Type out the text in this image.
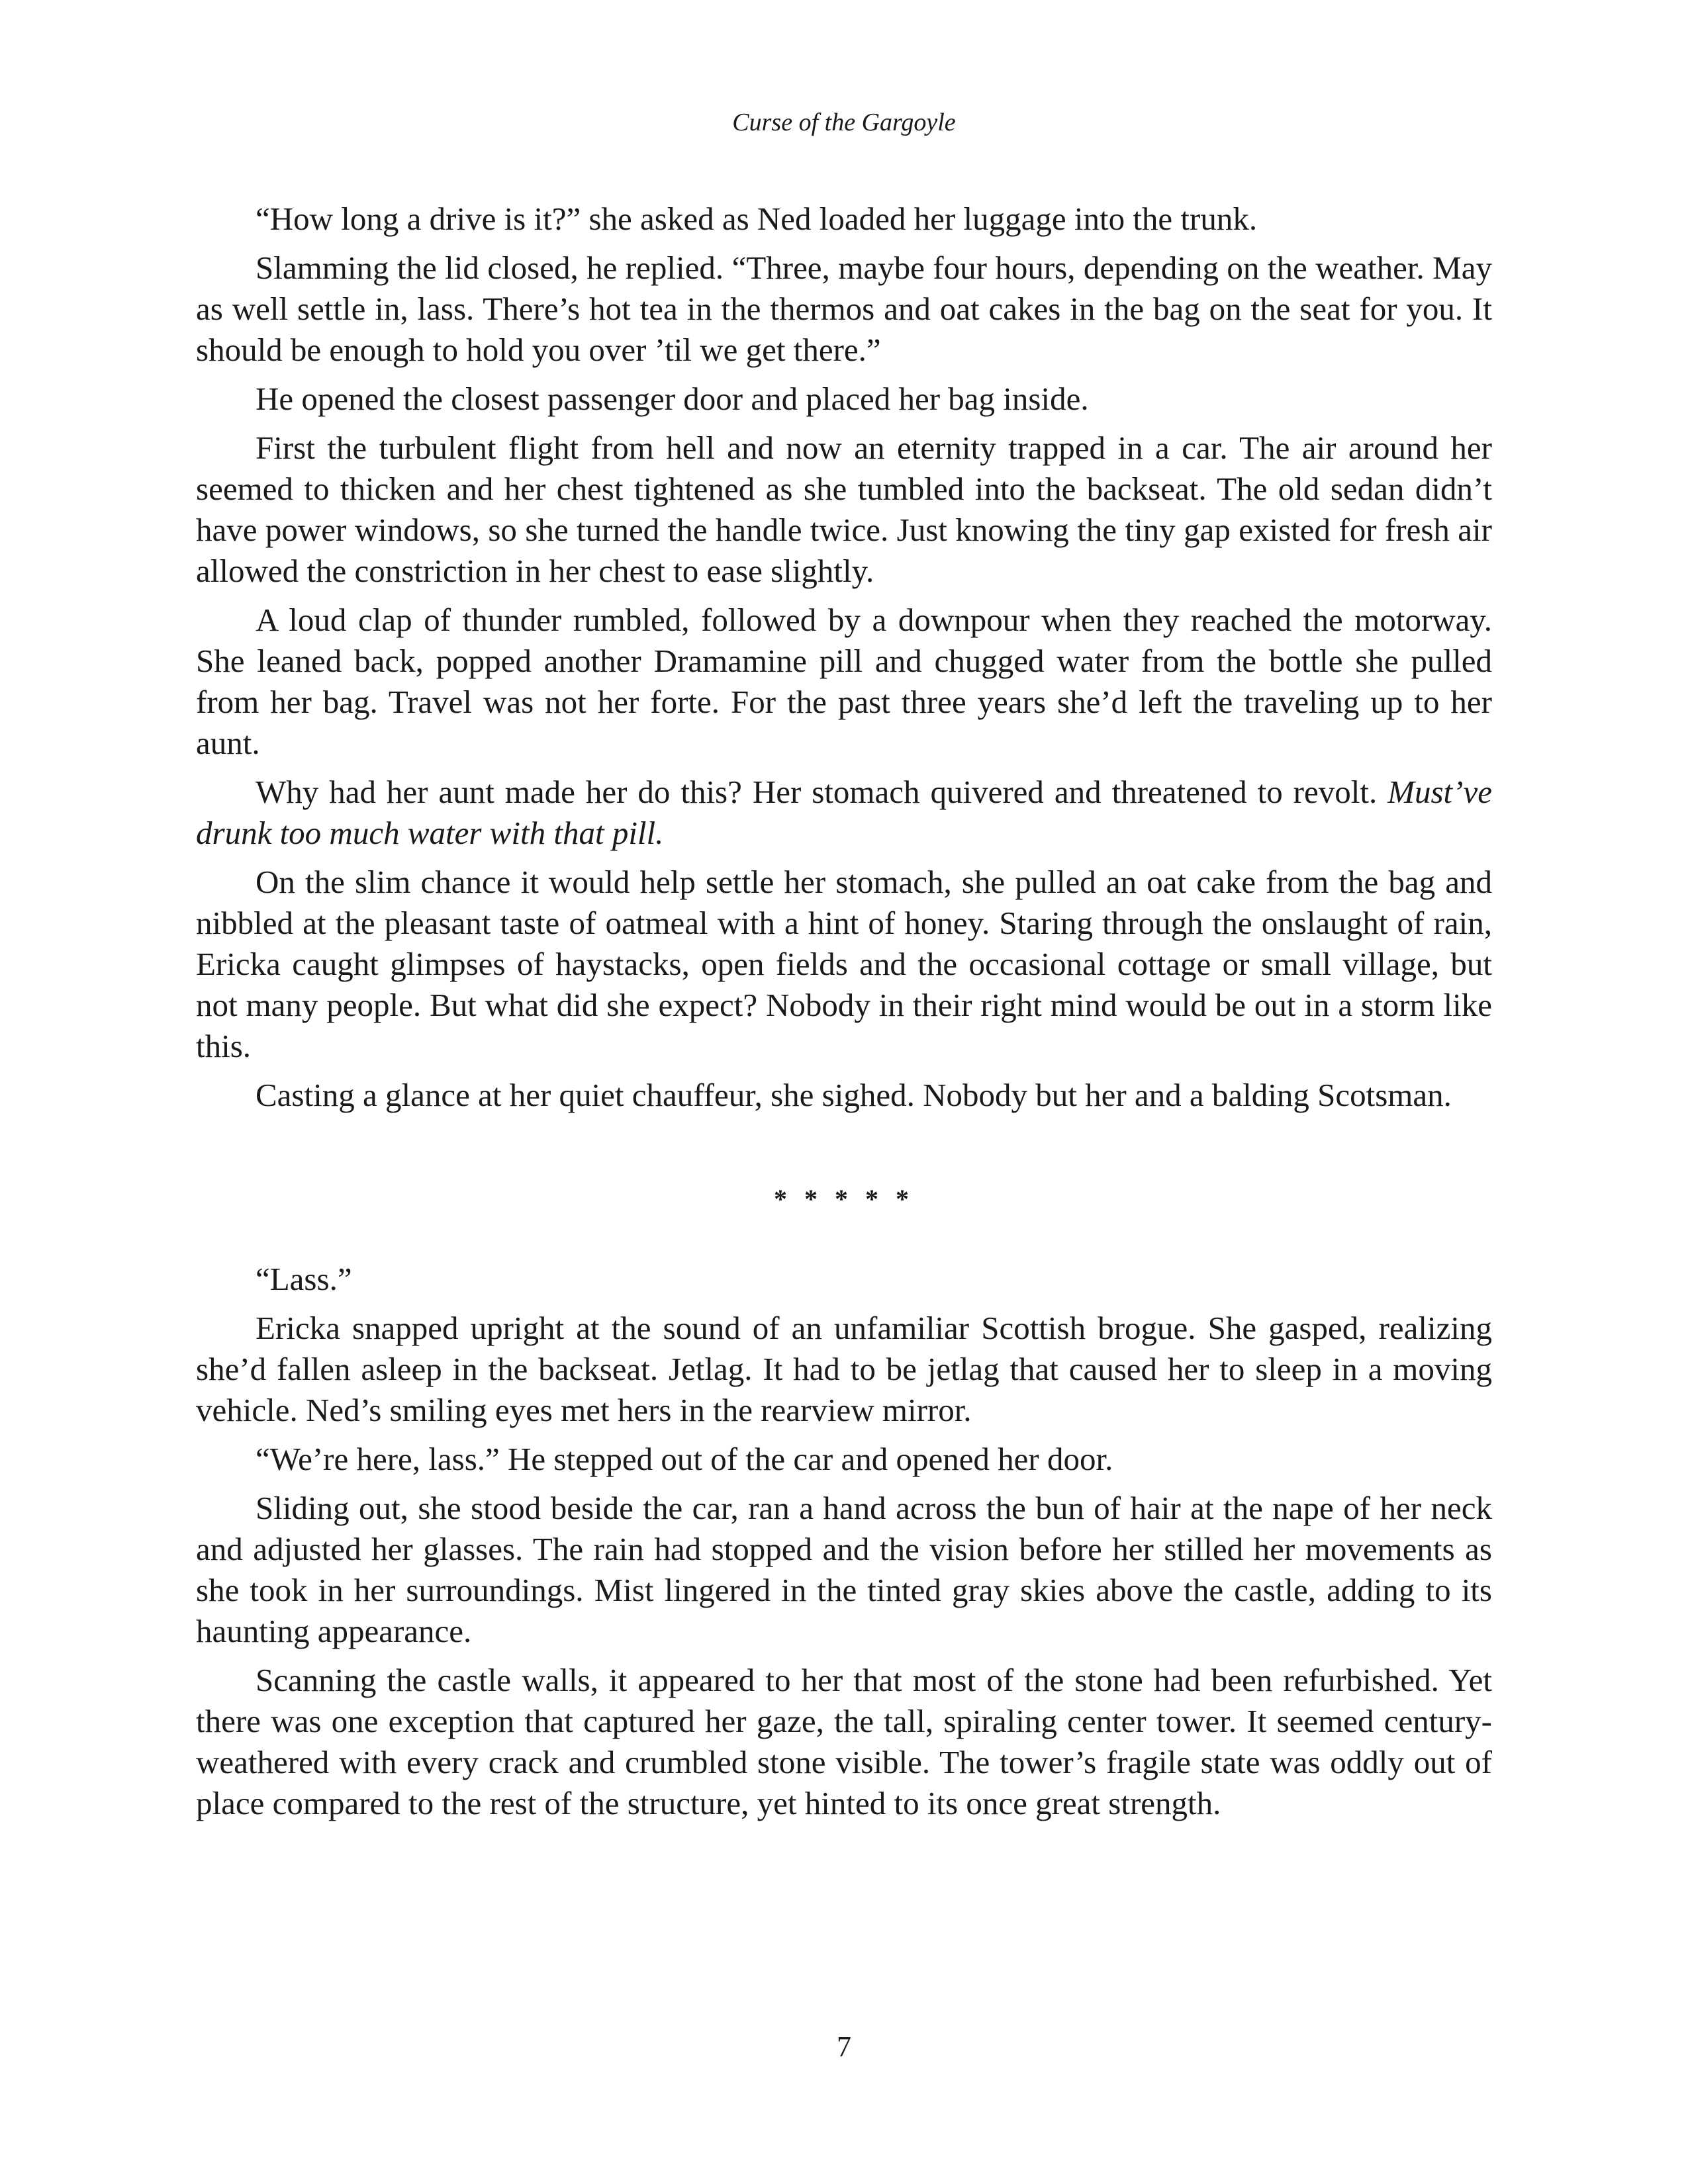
Curse of the Gargoyle

“How long a drive is it?” she asked as Ned loaded her luggage into the trunk.

Slamming the lid closed, he replied. “Three, maybe four hours, depending on the weather. May as well settle in, lass. There’s hot tea in the thermos and oat cakes in the bag on the seat for you. It should be enough to hold you over ’til we get there.”

He opened the closest passenger door and placed her bag inside.

First the turbulent flight from hell and now an eternity trapped in a car. The air around her seemed to thicken and her chest tightened as she tumbled into the backseat. The old sedan didn’t have power windows, so she turned the handle twice. Just knowing the tiny gap existed for fresh air allowed the constriction in her chest to ease slightly.

A loud clap of thunder rumbled, followed by a downpour when they reached the motorway. She leaned back, popped another Dramamine pill and chugged water from the bottle she pulled from her bag. Travel was not her forte. For the past three years she’d left the traveling up to her aunt.

Why had her aunt made her do this? Her stomach quivered and threatened to revolt. Must’ve drunk too much water with that pill.

On the slim chance it would help settle her stomach, she pulled an oat cake from the bag and nibbled at the pleasant taste of oatmeal with a hint of honey. Staring through the onslaught of rain, Ericka caught glimpses of haystacks, open fields and the occasional cottage or small village, but not many people. But what did she expect? Nobody in their right mind would be out in a storm like this.

Casting a glance at her quiet chauffeur, she sighed. Nobody but her and a balding Scotsman.

* * * * *

“Lass.”

Ericka snapped upright at the sound of an unfamiliar Scottish brogue. She gasped, realizing she’d fallen asleep in the backseat. Jetlag. It had to be jetlag that caused her to sleep in a moving vehicle. Ned’s smiling eyes met hers in the rearview mirror.

“We’re here, lass.” He stepped out of the car and opened her door.

Sliding out, she stood beside the car, ran a hand across the bun of hair at the nape of her neck and adjusted her glasses. The rain had stopped and the vision before her stilled her movements as she took in her surroundings. Mist lingered in the tinted gray skies above the castle, adding to its haunting appearance.

Scanning the castle walls, it appeared to her that most of the stone had been refurbished. Yet there was one exception that captured her gaze, the tall, spiraling center tower. It seemed century-weathered with every crack and crumbled stone visible. The tower’s fragile state was oddly out of place compared to the rest of the structure, yet hinted to its once great strength.

7
